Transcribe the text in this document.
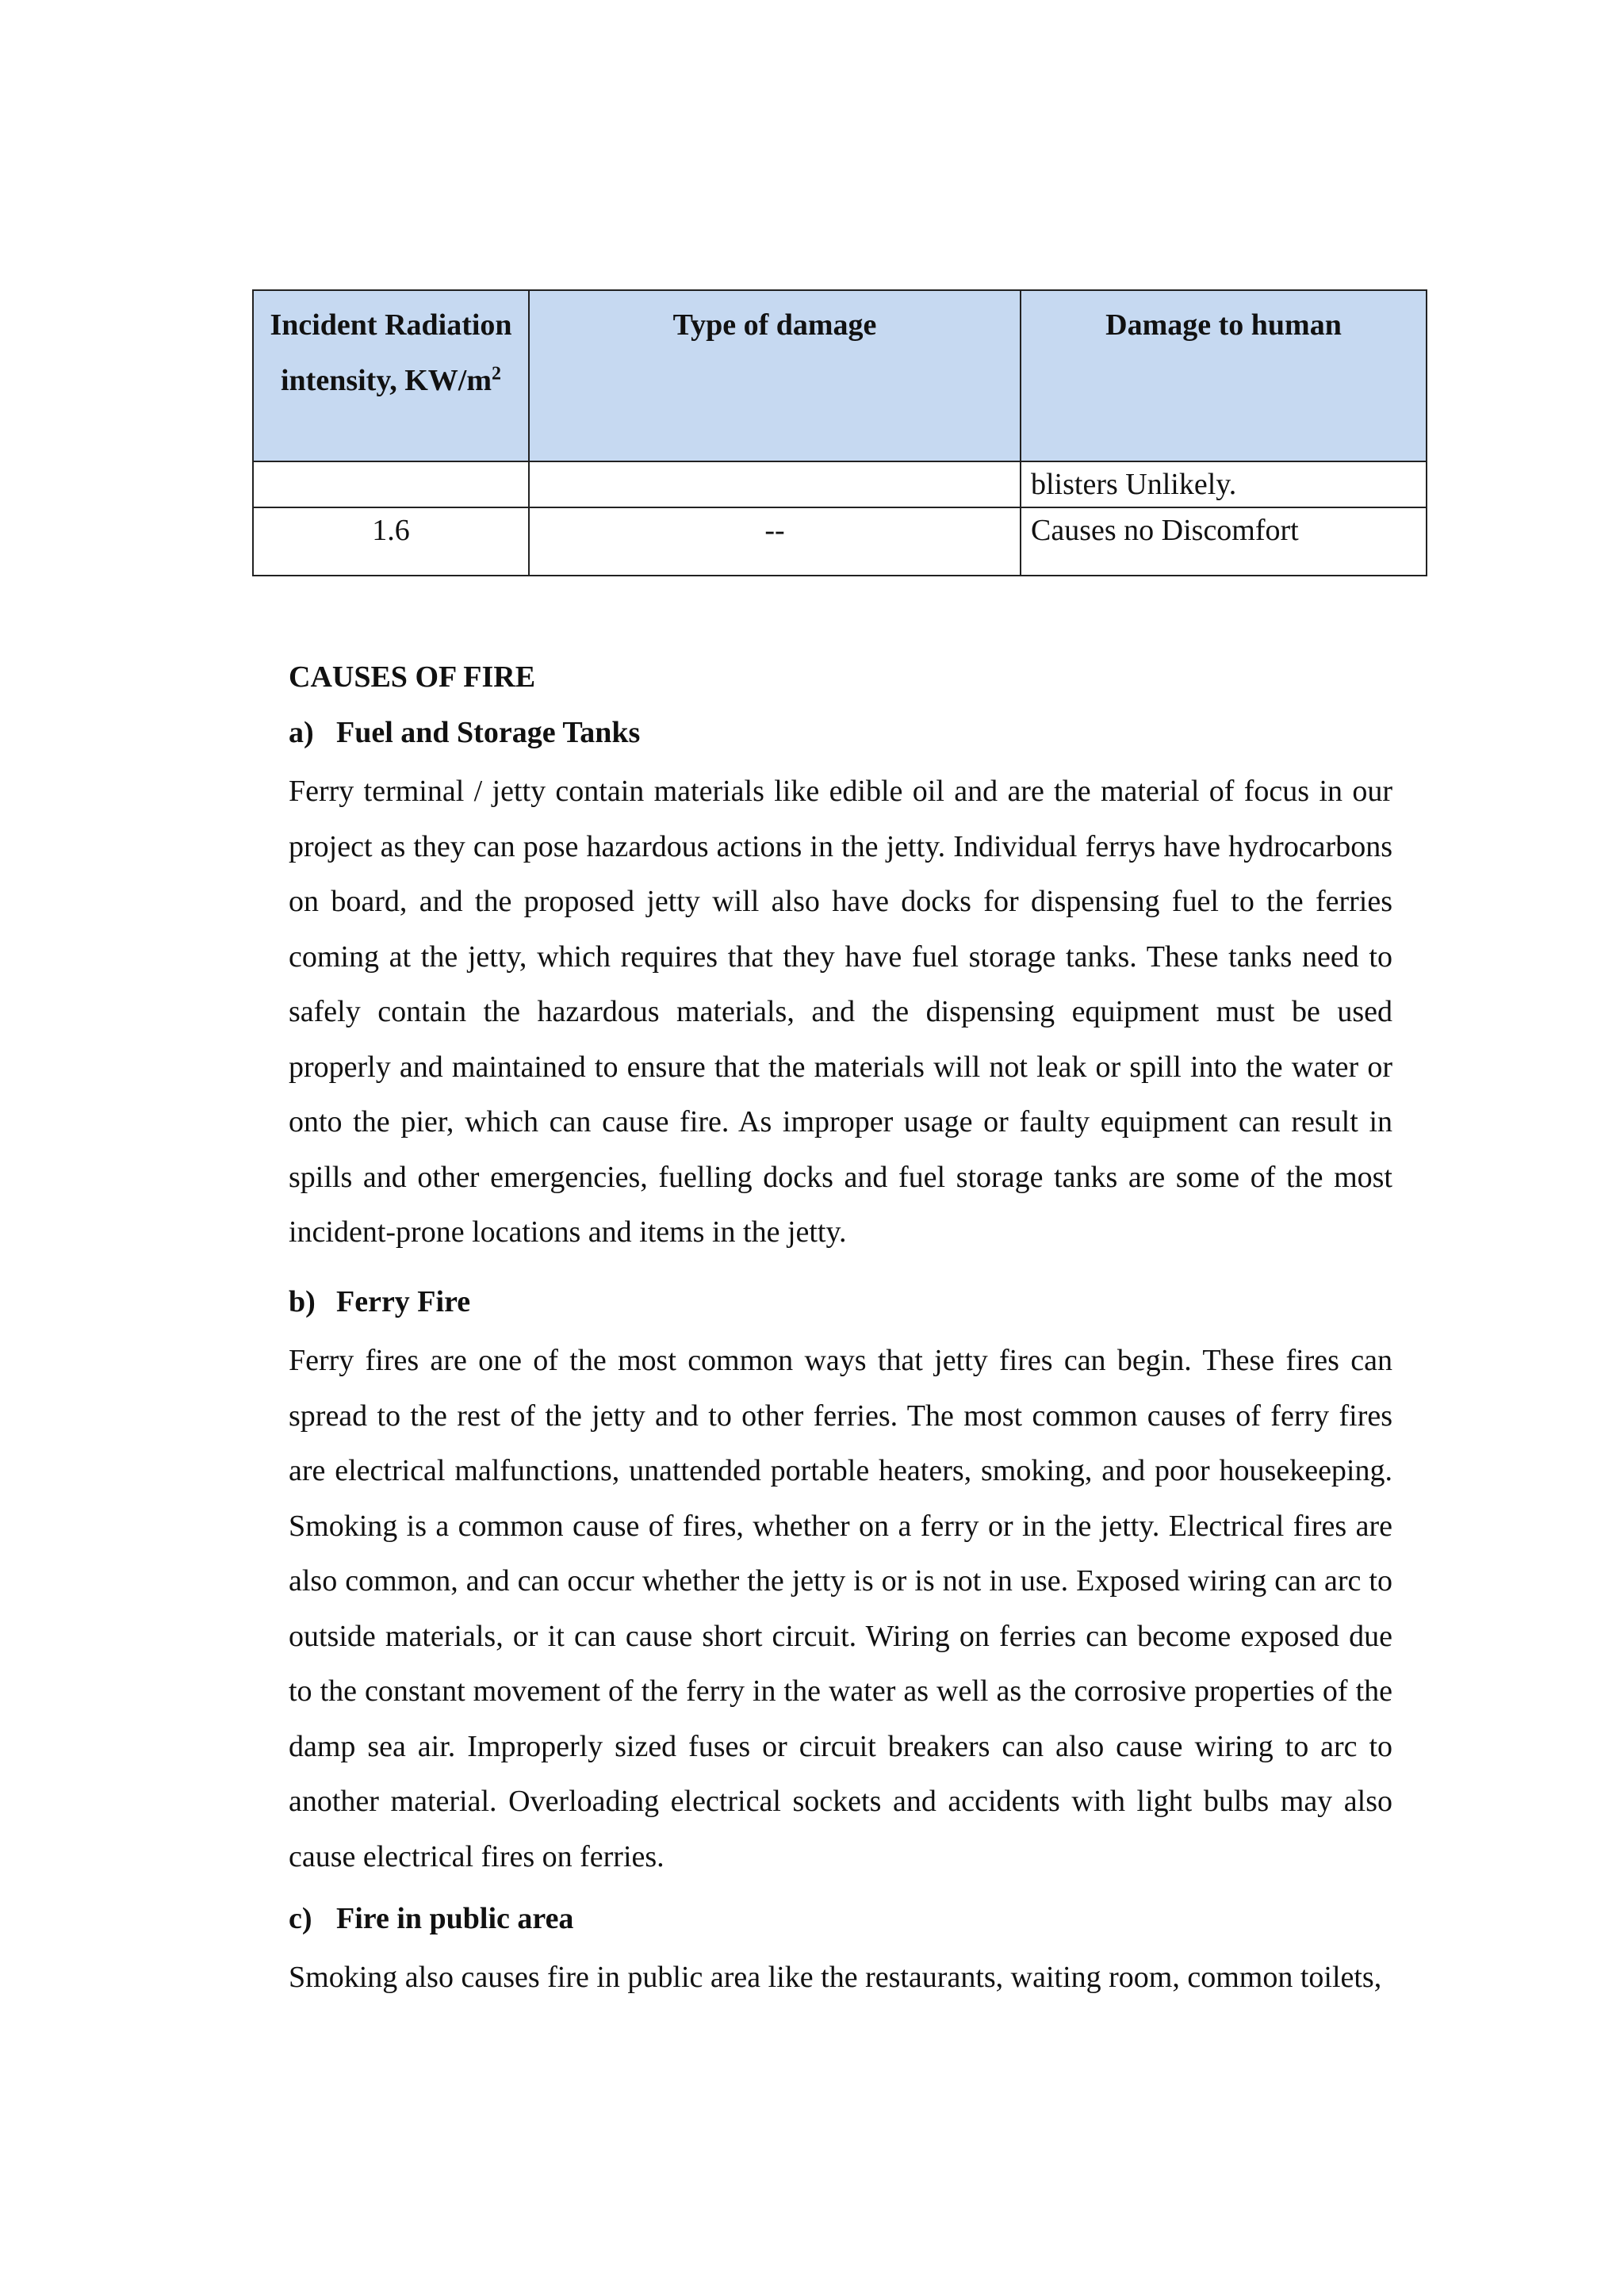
Incident Radiation intensity, $KW/m^2$	Type of damage	Damage to human
		blisters Unlikely.
1.6	--	Causes no Discomfort
CAUSES OF FIRE
a) Fuel and Storage Tanks

Ferry terminal / jetty contain materials like edible oil and are the material of focus in our project as they can pose hazardous actions in the jetty. Individual ferrys have hydrocarbons on board, and the proposed jetty will also have docks for dispensing fuel to the ferries coming at the jetty, which requires that they have fuel storage tanks. These tanks need to safely contain the hazardous materials, and the dispensing equipment must be used properly and maintained to ensure that the materials will not leak or spill into the water or onto the pier, which can cause fire. As improper usage or faulty equipment can result in spills and other emergencies, fuelling docks and fuel storage tanks are some of the most incident-prone locations and items in the jetty.

b) Ferry Fire

Ferry fires are one of the most common ways that jetty fires can begin. These fires can spread to the rest of the jetty and to other ferries. The most common causes of ferry fires are electrical malfunctions, unattended portable heaters, smoking, and poor housekeeping. Smoking is a common cause of fires, whether on a ferry or in the jetty. Electrical fires are also common, and can occur whether the jetty is or is not in use. Exposed wiring can arc to outside materials, or it can cause short circuit. Wiring on ferries can become exposed due to the constant movement of the ferry in the water as well as the corrosive properties of the damp sea air. Improperly sized fuses or circuit breakers can also cause wiring to arc to another material. Overloading electrical sockets and accidents with light bulbs may also cause electrical fires on ferries.

c) Fire in public area

Smoking also causes fire in public area like the restaurants, waiting room, common toilets,
